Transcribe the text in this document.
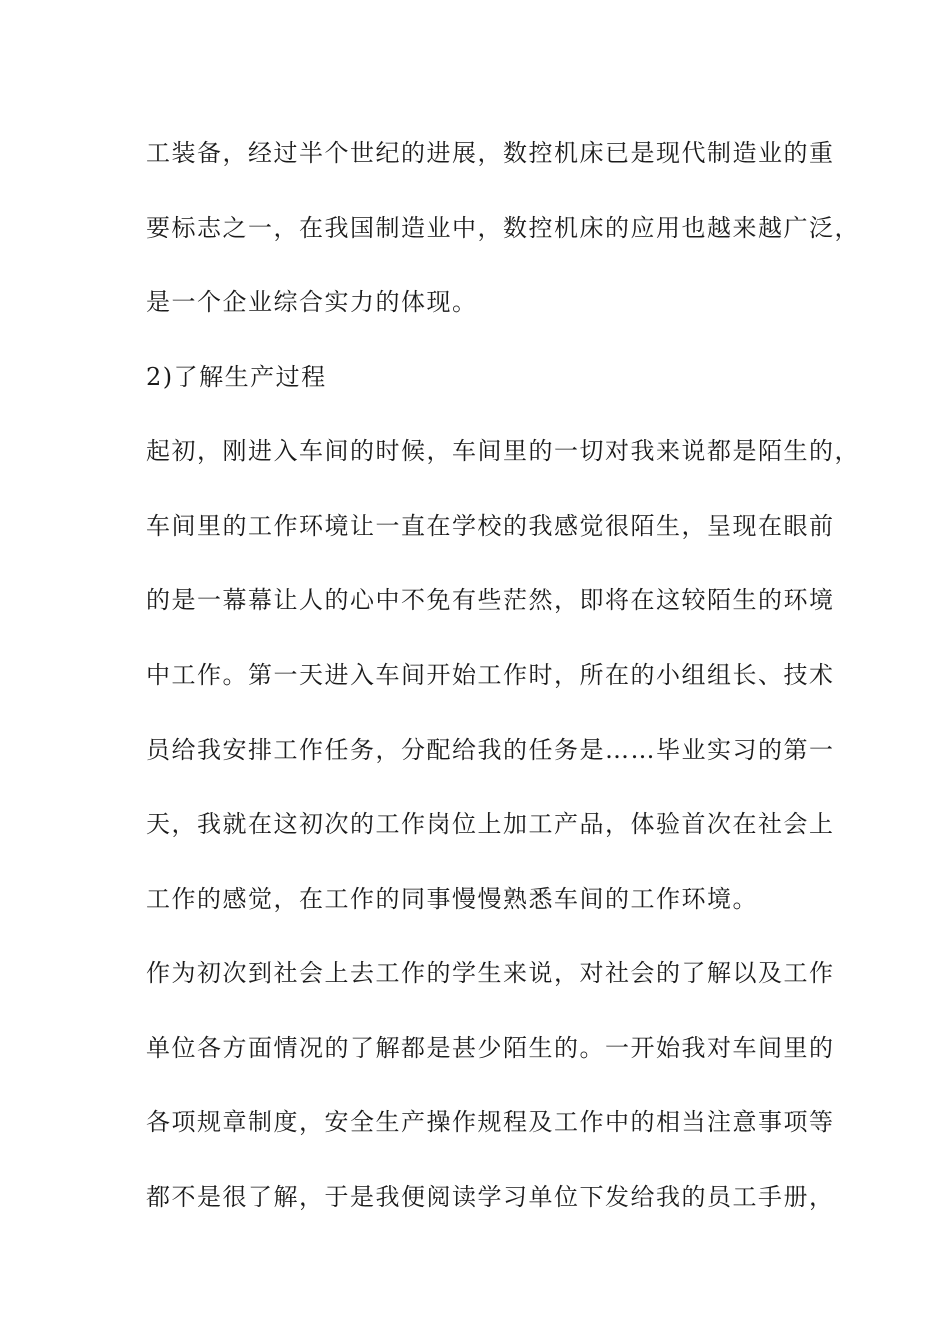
工装备，经过半个世纪的进展，数控机床已是现代制造业的重
要标志之一，在我国制造业中，数控机床的应用也越来越广泛，
是一个企业综合实力的体现。
2)了解生产过程
起初，刚进入车间的时候，车间里的一切对我来说都是陌生的，
车间里的工作环境让一直在学校的我感觉很陌生，呈现在眼前
的是一幕幕让人的心中不免有些茫然，即将在这较陌生的环境
中工作。第一天进入车间开始工作时，所在的小组组长、技术
员给我安排工作任务，分配给我的任务是……毕业实习的第一
天，我就在这初次的工作岗位上加工产品，体验首次在社会上
工作的感觉，在工作的同事慢慢熟悉车间的工作环境。
作为初次到社会上去工作的学生来说，对社会的了解以及工作
单位各方面情况的了解都是甚少陌生的。一开始我对车间里的
各项规章制度，安全生产操作规程及工作中的相当注意事项等
都不是很了解，于是我便阅读学习单位下发给我的员工手册，
